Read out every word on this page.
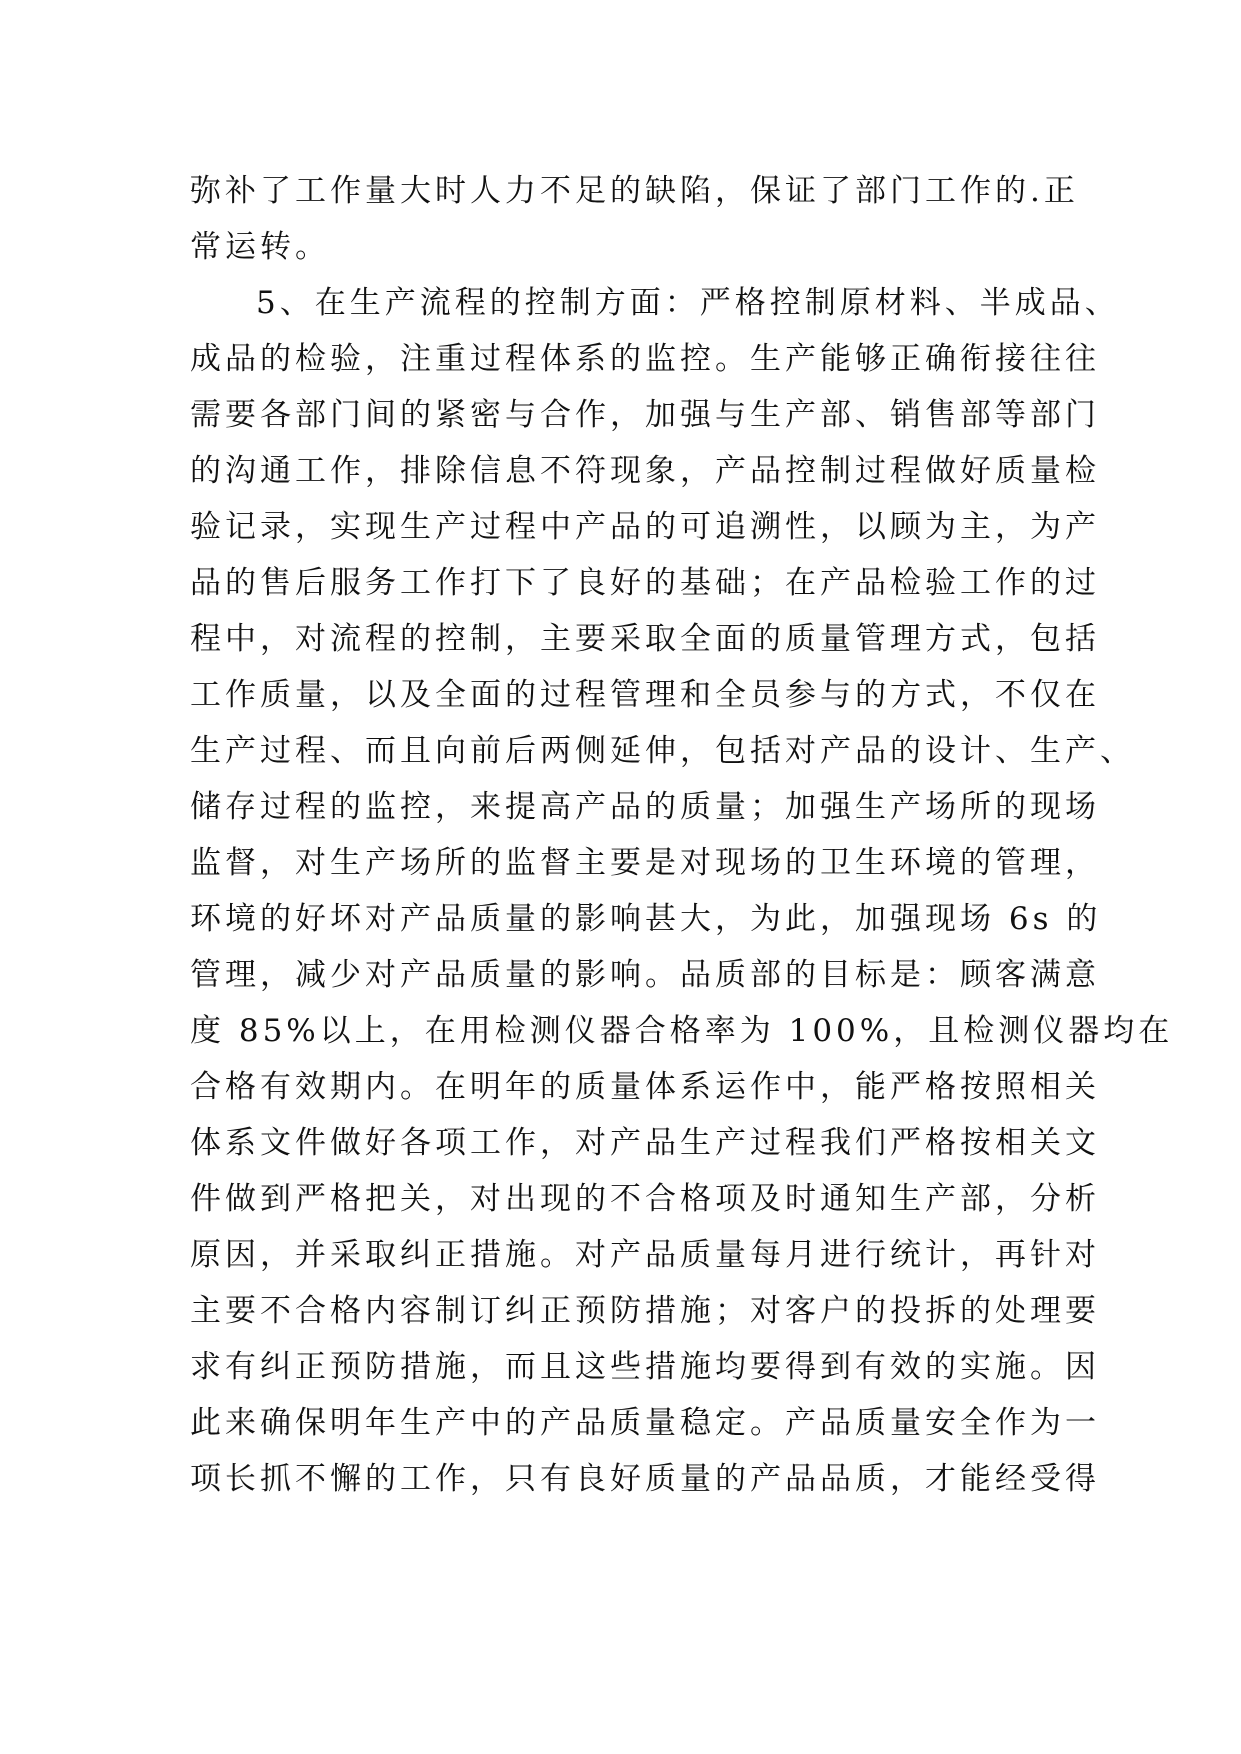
弥补了工作量大时人力不足的缺陷，保证了部门工作的.正
常运转。
5、在生产流程的控制方面：严格控制原材料、半成品、
成品的检验，注重过程体系的监控。生产能够正确衔接往往
需要各部门间的紧密与合作，加强与生产部、销售部等部门
的沟通工作，排除信息不符现象，产品控制过程做好质量检
验记录，实现生产过程中产品的可追溯性，以顾为主，为产
品的售后服务工作打下了良好的基础；在产品检验工作的过
程中，对流程的控制，主要采取全面的质量管理方式，包括
工作质量，以及全面的过程管理和全员参与的方式，不仅在
生产过程、而且向前后两侧延伸，包括对产品的设计、生产、
储存过程的监控，来提高产品的质量；加强生产场所的现场
监督，对生产场所的监督主要是对现场的卫生环境的管理，
环境的好坏对产品质量的影响甚大，为此，加强现场 6s 的
管理，减少对产品质量的影响。品质部的目标是：顾客满意
度 85%以上，在用检测仪器合格率为 100%，且检测仪器均在
合格有效期内。在明年的质量体系运作中，能严格按照相关
体系文件做好各项工作，对产品生产过程我们严格按相关文
件做到严格把关，对出现的不合格项及时通知生产部，分析
原因，并采取纠正措施。对产品质量每月进行统计，再针对
主要不合格内容制订纠正预防措施；对客户的投拆的处理要
求有纠正预防措施，而且这些措施均要得到有效的实施。因
此来确保明年生产中的产品质量稳定。产品质量安全作为一
项长抓不懈的工作，只有良好质量的产品品质，才能经受得
